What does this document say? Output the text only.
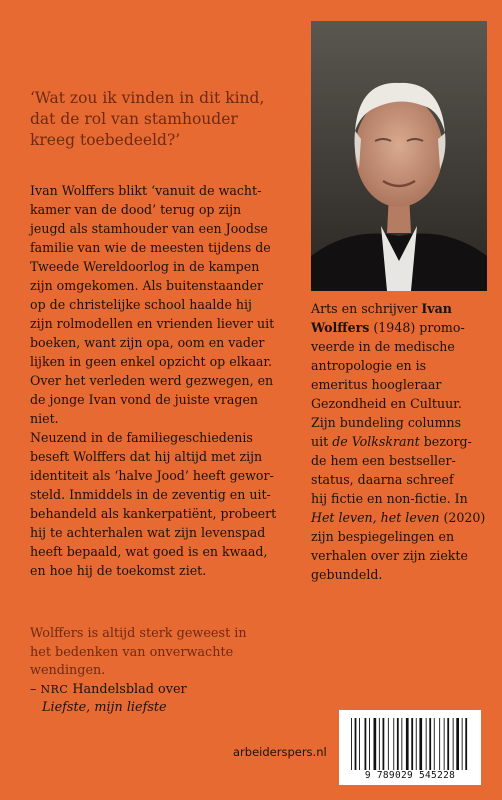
‘Wat zou ik vinden in dit kind,
dat de rol van stamhouder
kreeg toebedeeld?’
Ivan Wolffers blikt ‘vanuit de wacht-
kamer van de dood’ terug op zijn
jeugd als stamhouder van een Joodse
familie van wie de meesten tijdens de
Tweede Wereldoorlog in de kampen
zijn omgekomen. Als buitenstaander
op de christelijke school haalde hij
zijn rolmodellen en vrienden liever uit
boeken, want zijn opa, oom en vader
lijken in geen enkel opzicht op elkaar.
Over het verleden werd gezwegen, en
de jonge Ivan vond de juiste vragen
niet.
Neuzend in de familiegeschiedenis
beseft Wolffers dat hij altijd met zijn
identiteit als ‘halve Jood’ heeft gewor-
steld. Inmiddels in de zeventig en uit-
behandeld als kankerpatiënt, probeert
hij te achterhalen wat zijn levenspad
heeft bepaald, wat goed is en kwaad,
en hoe hij de toekomst ziet.
Wolffers is altijd sterk geweest in
het bedenken van onverwachte
wendingen.
– NRC Handelsblad over
Liefste, mijn liefste
Arts en schrijver Ivan
Wolffers (1948) promo-
veerde in de medische
antropologie en is
emeritus hoogleraar
Gezondheid en Cultuur.
Zijn bundeling columns
uit de Volkskrant bezorg-
de hem een bestseller-
status, daarna schreef
hij fictie en non-fictie. In
Het leven, het leven (2020)
zijn bespiegelingen en
verhalen over zijn ziekte
gebundeld.
arbeiderspers.nl
9 789029 545228
